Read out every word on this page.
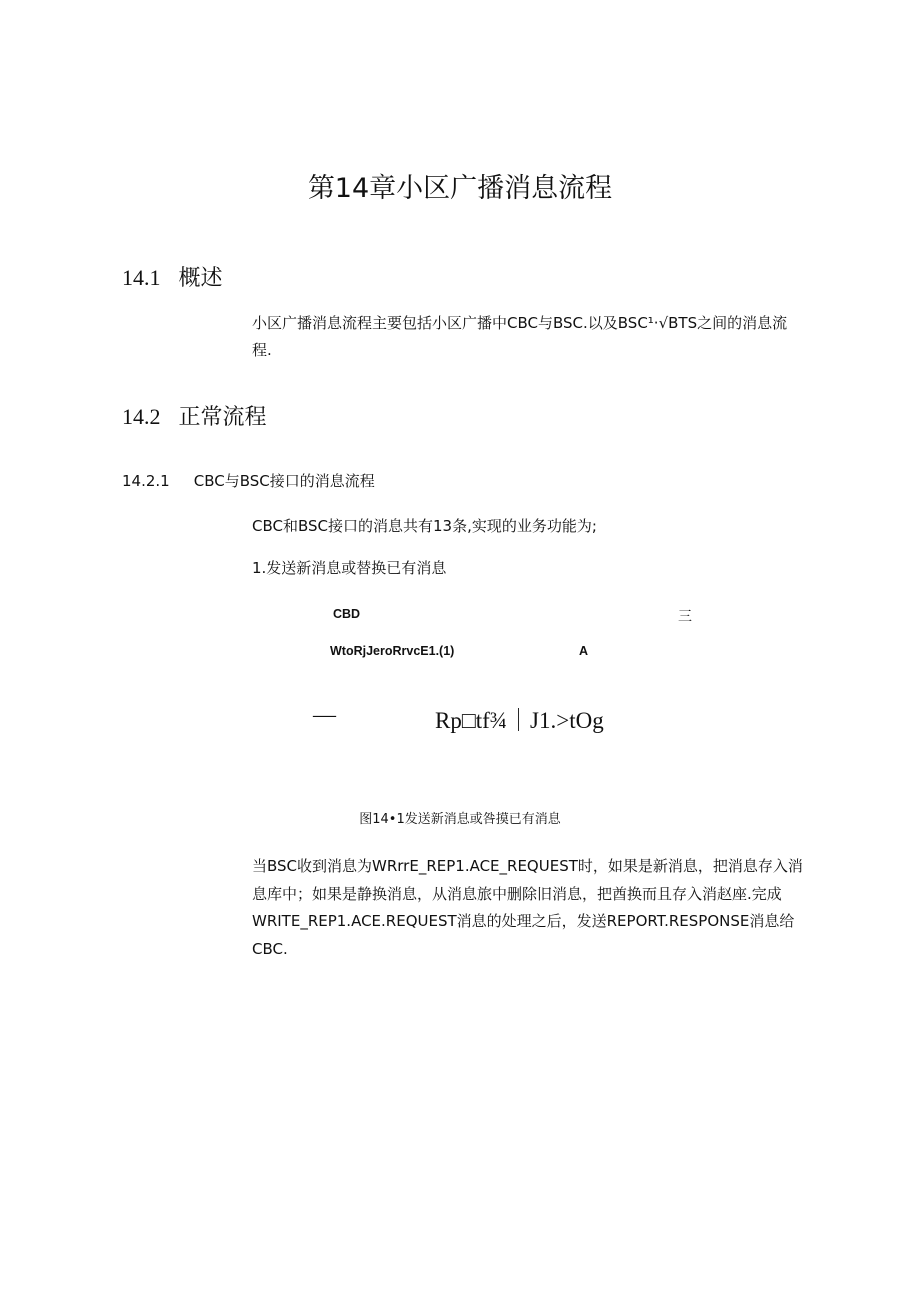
第14章小区广播消息流程
14.1 概述
小区广播消息流程主要包括小区广播中CBC与BSC.以及BSC¹·√BTS之间的消息流程.
14.2 正常流程
14.2.1 CBC与BSC接口的消息流程
CBC和BSC接口的消息共有13条,实现的业务功能为;
1.发送新消息或替换已有消息
CBD	三
WtoRjJeroRrvcE1.(1)	A
—	Rp□tf¾｜J1.>tOg
图14•1发送新消息或咎摸已有消息
当BSC收到消息为WRrrE_REP1.ACE_REQUEST时，如果是新消息，把消息存入消息库中；如果是静换消息，从消息旅中删除旧消息，把酋换而且存入消赵座.完成WRITE_REP1.ACE.REQUEST消息的处理之后，发送REPORT.RESPONSE消息给CBC.
